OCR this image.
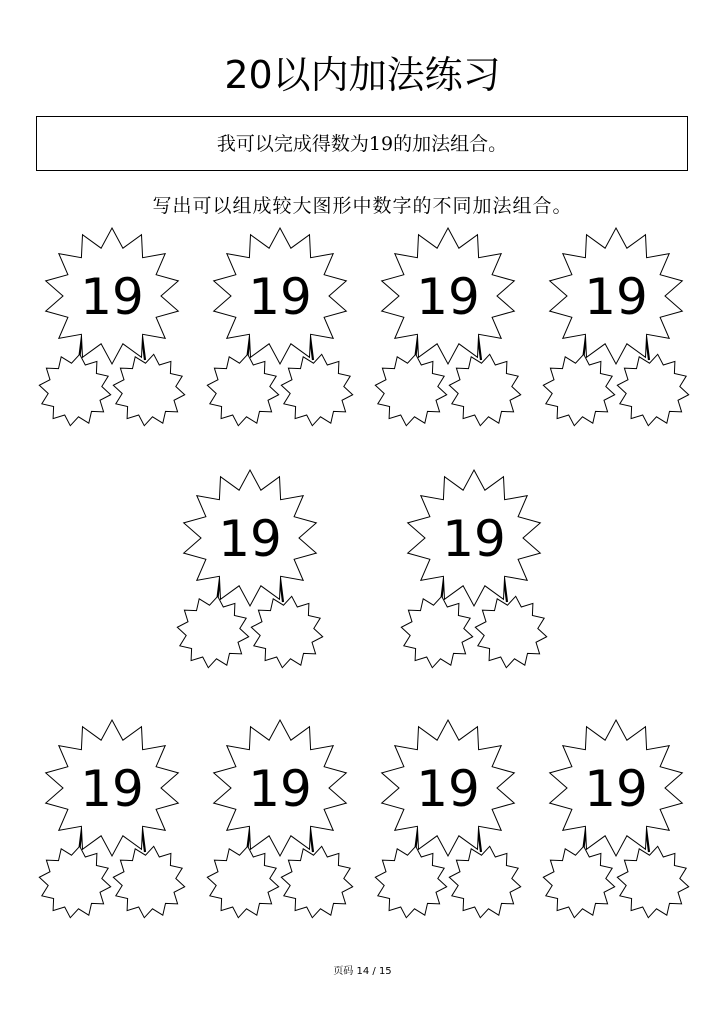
20以内加法练习
我可以完成得数为19的加法组合。
写出可以组成较大图形中数字的不同加法组合。
19 19 19 19
19	19
19 19 19 19
页码 14 / 15
